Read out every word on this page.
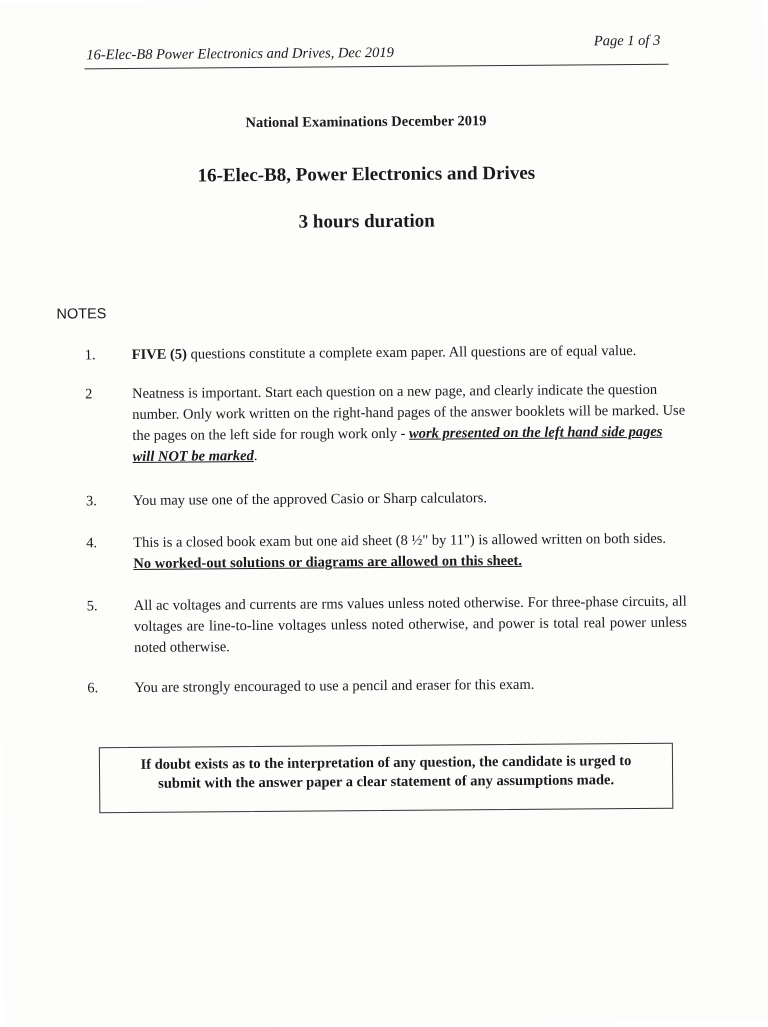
16-Elec-B8 Power Electronics and Drives, Dec 2019
Page 1 of 3
National Examinations December 2019
16-Elec-B8, Power Electronics and Drives
3 hours duration
NOTES
1.	FIVE (5) questions constitute a complete exam paper. All questions are of equal value.
2	Neatness is important. Start each question on a new page, and clearly indicate the question number. Only work written on the right-hand pages of the answer booklets will be marked. Use the pages on the left side for rough work only - work presented on the left hand side pages will NOT be marked.
3.	You may use one of the approved Casio or Sharp calculators.
4.	This is a closed book exam but one aid sheet (8 ½" by 11") is allowed written on both sides. No worked-out solutions or diagrams are allowed on this sheet.
5.	All ac voltages and currents are rms values unless noted otherwise. For three-phase circuits, all voltages are line-to-line voltages unless noted otherwise, and power is total real power unless noted otherwise.
6.	You are strongly encouraged to use a pencil and eraser for this exam.
If doubt exists as to the interpretation of any question, the candidate is urged to
submit with the answer paper a clear statement of any assumptions made.
